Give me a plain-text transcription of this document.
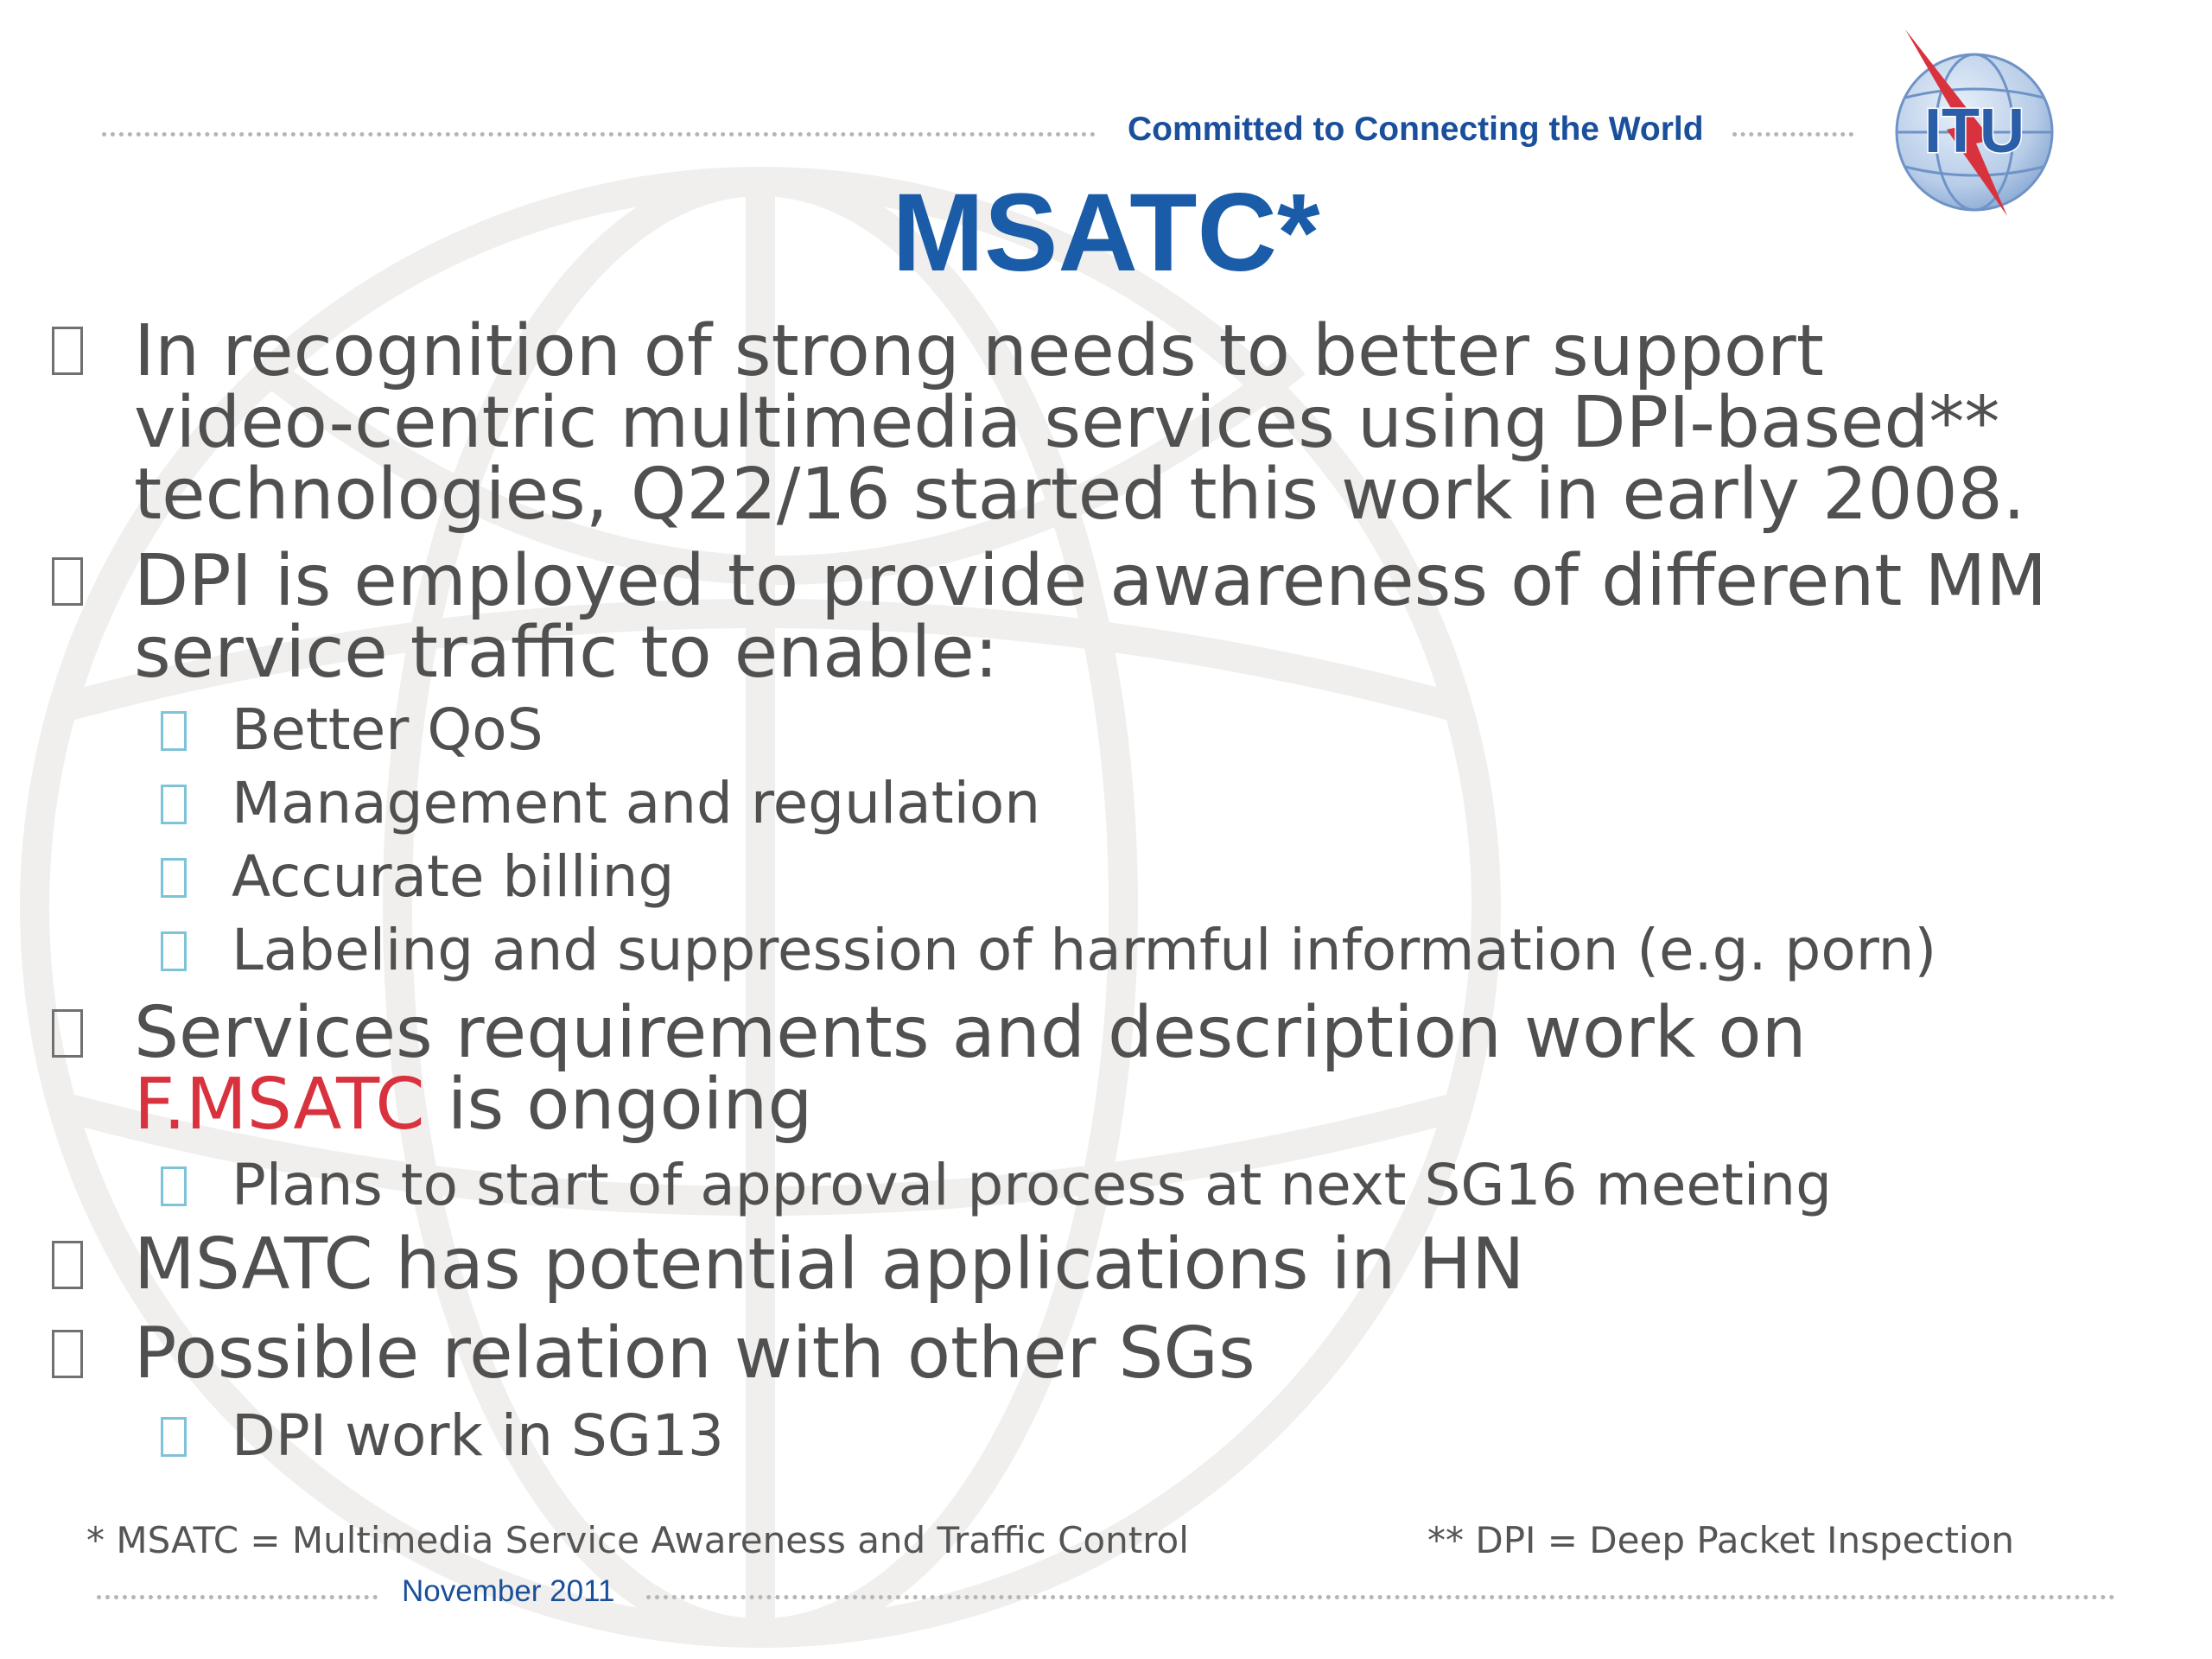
Committed to Connecting the World	ITU
MSATC*
In recognition of strong needs to better support
video-centric multimedia services using DPI-based**
technologies, Q22/16 started this work in early 2008.
DPI is employed to provide awareness of different MM
service traffic to enable:
Better QoS
Management and regulation
Accurate billing
Labeling and suppression of harmful information (e.g. porn)
Services requirements and description work on
F.MSATC is ongoing
Plans to start of approval process at next SG16 meeting
MSATC has potential applications in HN
Possible relation with other SGs
DPI work in SG13
* MSATC = Multimedia Service Awareness and Traffic Control	** DPI = Deep Packet Inspection
November 2011
